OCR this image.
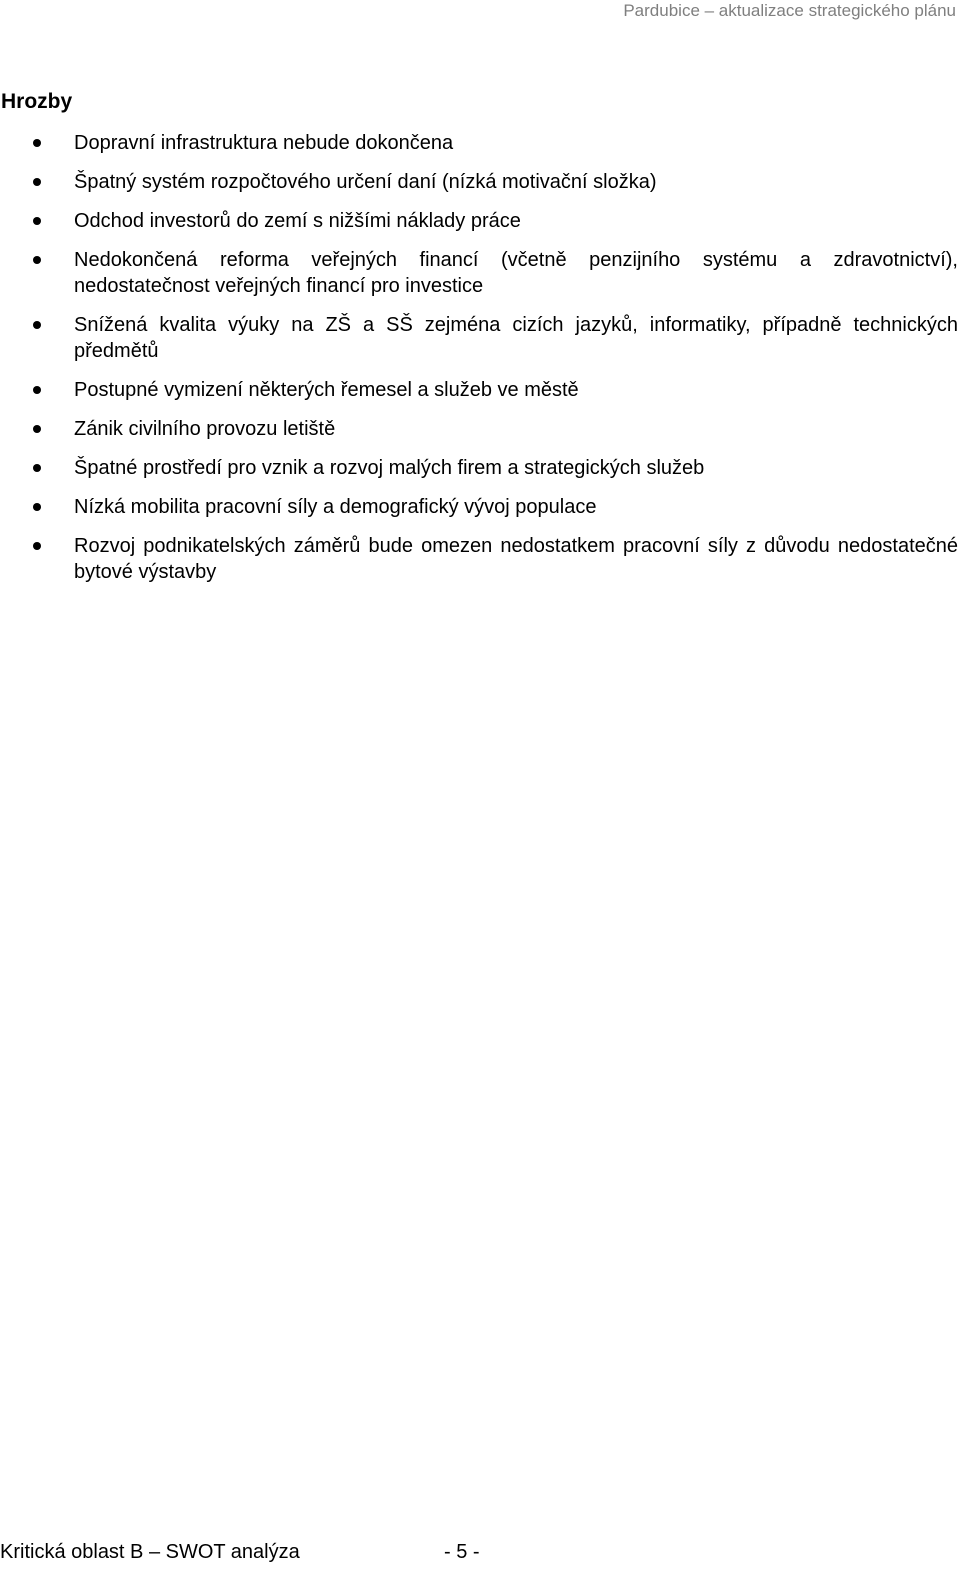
Pardubice – aktualizace strategického plánu
Hrozby
Dopravní infrastruktura nebude dokončena
Špatný systém rozpočtového určení daní (nízká motivační složka)
Odchod investorů do zemí s nižšími náklady práce
Nedokončená reforma veřejných financí (včetně penzijního systému a zdravotnictví), nedostatečnost veřejných financí pro investice
Snížená kvalita výuky na ZŠ a SŠ zejména cizích jazyků, informatiky, případně technických předmětů
Postupné vymizení některých řemesel a služeb ve městě
Zánik civilního provozu letiště
Špatné prostředí pro vznik a rozvoj malých firem a strategických služeb
Nízká mobilita pracovní síly a demografický vývoj populace
Rozvoj podnikatelských záměrů bude omezen nedostatkem pracovní síly z důvodu nedostatečné bytové výstavby
Kritická oblast B – SWOT analýza	- 5 -
